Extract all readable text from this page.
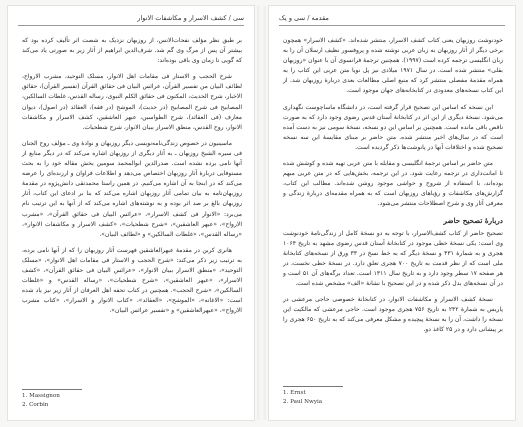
سی / کشف الاسرار و مکاشفات الانوار

بر طبق نظر مؤلف نفحات‌الانس، از روزبهان نزدیک به شصت اثر تألیف کرده بود که بیشتر آن پس از مرگ وی گم شد. شرف‌الدین ابراهیم از آثار زیر به صورتی یاد می‌کند که گویی تا زمان وی باقی بوده‌اند:

شرح الحجب و الاستار فی مقامات اهل الانوار، مسلک التوحید، مشرب الارواح، لطائف البیان من تفسیر القرآن، عرائس البیان فی حقائق القرآن (تفسیر القرآن)، حقائق الاخبار، شرح الحدیث، المکنون فی حقائق الکلم النبوی، رساله القدس، غلطات السالکین، المصابیح فی شرح المصابیح (در حدیث)، الموشح (در فقه)، العقائد (در اصول)، دیوان معارف (فی العقائد)، شرح الطواسین، عبهر العاشقین، کشف الاسرار و مکاشفات الانوار، روح القدس، منطق الاسرار ببیان الانوار، شرح شطحیات.

ماسینیون در خصوص زندگی‌نامه‌نویسی دیگر روزبهان و نوادهٔ وی ـ مؤلف روح الجنان فی سیره الشیخ روزبهان ـ به آثار دیگری از روزبهان اشاره می‌کند که در دیگر منابع از آنها نامی برده نشده است. صدرالدین ابوالمحمد سومین بخش مقاله خود را به بحث مستوفایی دربارهٔ آثار روزبهان اختصاص می‌دهد و اطلاعات فراوان و ارزنده‌ای را عرضه می‌کند که در اینجا به آن اشاره می‌کنیم. در همین راستا محمدتقی دانش‌پژوه در مقدمهٔ روزبهان‌نامه به بیان تمامی آثار روزبهان اشاره می‌کند که بنا بر ادعای این کتاب، آثار روزبهان بالغ بر صد اثر بوده و به نوشته‌های اشاره می‌کند که از آنها به این ترتیب نام می‌برد: «الانوار فی کشف الاسرار»، «عرائس البیان فی حقائق القرآن»، «مشرب الارواح»، «عبهر العاشقین»، «شرح شطحیات»، «کشف الاسرار و مکاشفات الانوار»، «رساله القدس»، «غلطات السالکین» و «لطائف البیان».

هانری کربن در مقدمهٔ عبهرالعاشقین فهرست آثار روزبهان را که از آنها نامی برده، به ترتیب زیر ذکر می‌کند: «شرح الحجب و الاستار فی مقامات اهل الانوار»، «مسلک التوحید»، «منطق الاسرار ببیان الانوار»، «عرائس البیان فی حقائق القرآن»، «کشف الاسرار»، «عبهر العاشقین»، «شرح شطحیات»، «رساله القدس» و «غلطات السالکین»، «شرح الحجب». همچنین در کتاب تحفه اهل العرفان از آثار زیر نیز یاد شده است: «الاغانه»، «الموشح»، «العقائد»، «کتاب الانوار و الاسرار»، «کتاب مشرب الارواح»، «عبهرالعاشقین» و «تفسیر عرائس البیان».

1. Massignon
2. Corbin
مقدمه / سی و یک

خودنوشت روزبهان یعنی کتاب کشف الاسرار، منتشر شده‌اند. «کشف الاسرار» همچون برخی دیگر از آثار روزبهان به زبان عربی نوشته شده و پروفسور نظیف ارسلان آن را به زبان انگلیسی ترجمه کرده است (۱۹۹۷). همچنین ترجمهٔ فرانسوی آن با عنوان «روزبهان بقلی» منتشر شده است. در سال ۱۹۷۱ میلادی نیز پل نویا متن عربی این کتاب را به همراه مقدمهٔ مفصلی منتشر کرد که منبع اصلی مطالعات بعدی دربارهٔ روزبهان شد. از این کتاب نسخه‌های معدودی در کتابخانه‌های جهان موجود است.

این نسخه که اساس این تصحیح قرار گرفته است، در دانشگاه ماساچوست نگهداری می‌شود. نسخهٔ دیگری از این اثر در کتابخانهٔ آستان قدس رضوی وجود دارد که به صورت ناقص باقی مانده است. همچنین بر اساس این دو نسخه، نسخهٔ سومی نیز به دست آمده است که در سال‌های اخیر منتشر شده. متن حاضر بر مبنای مقایسهٔ این سه نسخه تصحیح شده و اختلافات آنها در پانوشت‌ها ذکر گردیده است.

متن حاضر بر اساس ترجمهٔ انگلیسی و مقابله با متن عربی تهیه شده و کوشش شده تا امانت‌داری در ترجمه رعایت شود. در این ترجمه، بخش‌هایی که در متن عربی مبهم بوده‌اند، با استفاده از شروح و حواشی موجود روشن شده‌اند. مطالب این کتاب، گزارش‌های مکاشفات و رؤیاهای روزبهان است که به همراه مقدمه‌ای دربارهٔ زندگی و معرفی آثار وی و شرح اصطلاحات منتشر می‌شود.

دربارهٔ تصحیح حاضر

تصحیح حاضر از کتاب کشف‌الاسرار، با توجه به دو نسخهٔ کامل از زندگی‌نامهٔ خودنوشت وی است: یکی نسخهٔ خطی موجود در کتابخانهٔ آستان قدس رضوی مشهد به تاریخ ۱۰۶۴ هجری و به شمارهٔ ۴۳۱ و نسخهٔ دیگر که به خط نسخ در ۳۳ ورق از نسخه‌های کتابخانهٔ ملی است که از نظر قدمت به تاریخ ۷۰۰ هجری تعلق دارد. در نسخهٔ خطی نخست، در هر صفحه ۱۷ سطر وجود دارد و به تاریخ سال ۱۳۱۱ است. تعداد برگه‌های آن ۵۱ است و در آن نسخه‌های بدل ذکر شده و در این تصحیح با نشانهٔ «الف» مشخص شده است.

نسخهٔ کشف الاسرار و مکاشفات الانوار، در کتابخانهٔ خصوصی حاجی مرعشی در پاریس به شمارهٔ ۲۴۲ به تاریخ ۷۵۶ هجری موجود است. حاجی مرعشی که مالکیت این نسخه را داشت، آن را به نسخهٔ پیچیده و مشکل معرفی می‌کند که به تاریخ ۶۵۰ هجری را بر پیشانی دارد و در ۲۵ کاغذ دو.

1. Ernst
2. Paul Nwyia
